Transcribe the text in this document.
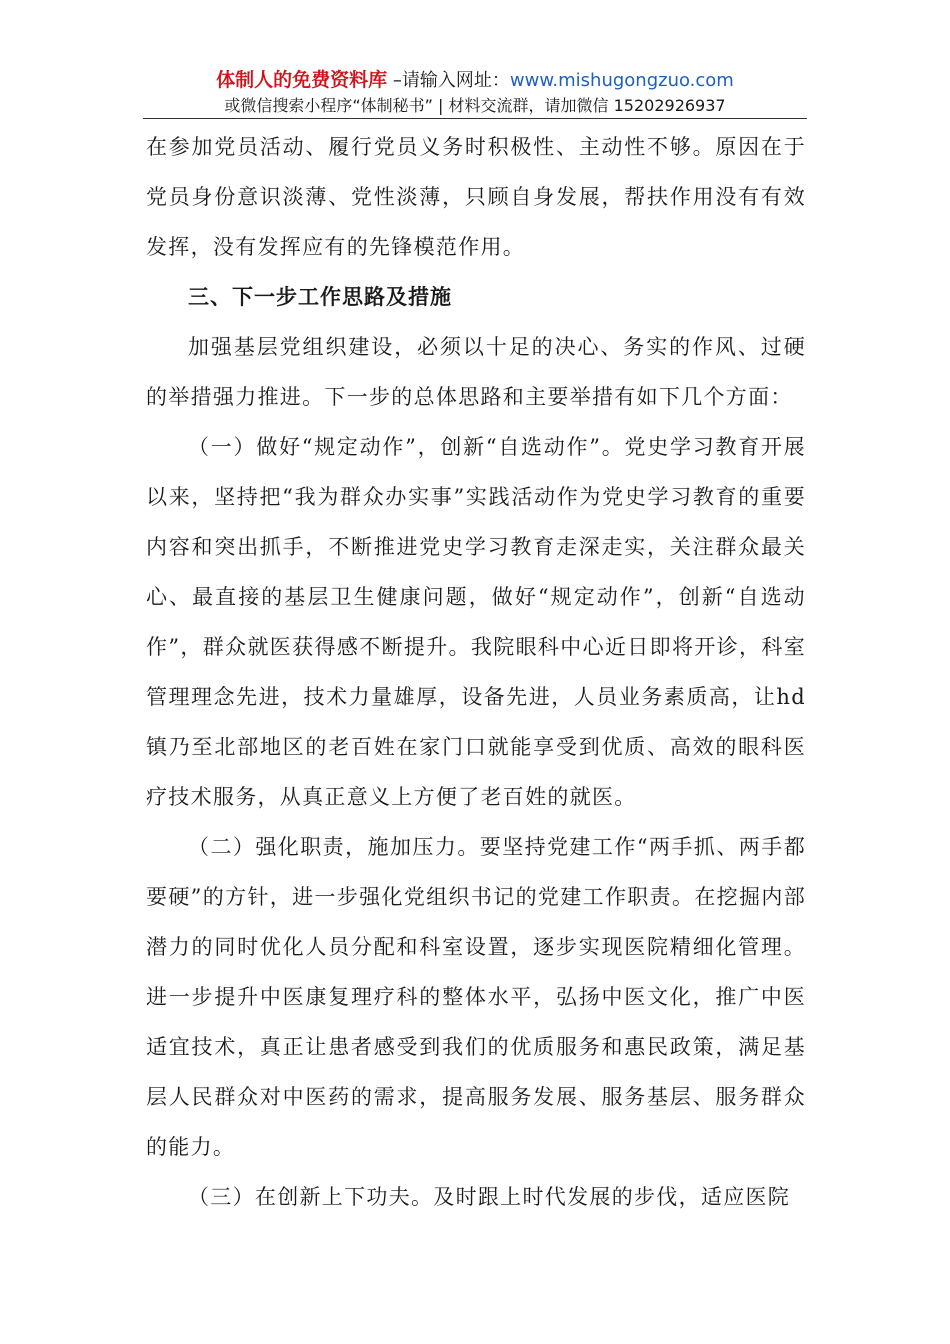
体制人的免费资料库 –请输入网址：www.mishugongzuo.com
或微信搜索小程序“体制秘书” | 材料交流群，请加微信 15202926937

在参加党员活动、履行党员义务时积极性、主动性不够。原因在于党员身份意识淡薄、党性淡薄，只顾自身发展，帮扶作用没有有效发挥，没有发挥应有的先锋模范作用。

三、下一步工作思路及措施

加强基层党组织建设，必须以十足的决心、务实的作风、过硬的举措强力推进。下一步的总体思路和主要举措有如下几个方面：

（一）做好“规定动作”，创新“自选动作”。党史学习教育开展以来，坚持把“我为群众办实事”实践活动作为党史学习教育的重要内容和突出抓手，不断推进党史学习教育走深走实，关注群众最关心、最直接的基层卫生健康问题，做好“规定动作”，创新“自选动作”，群众就医获得感不断提升。我院眼科中心近日即将开诊，科室管理理念先进，技术力量雄厚，设备先进，人员业务素质高，让hd镇乃至北部地区的老百姓在家门口就能享受到优质、高效的眼科医疗技术服务，从真正意义上方便了老百姓的就医。

（二）强化职责，施加压力。要坚持党建工作“两手抓、两手都要硬”的方针，进一步强化党组织书记的党建工作职责。在挖掘内部潜力的同时优化人员分配和科室设置，逐步实现医院精细化管理。进一步提升中医康复理疗科的整体水平，弘扬中医文化，推广中医适宜技术，真正让患者感受到我们的优质服务和惠民政策，满足基层人民群众对中医药的需求，提高服务发展、服务基层、服务群众的能力。

（三）在创新上下功夫。及时跟上时代发展的步伐，适应医院
